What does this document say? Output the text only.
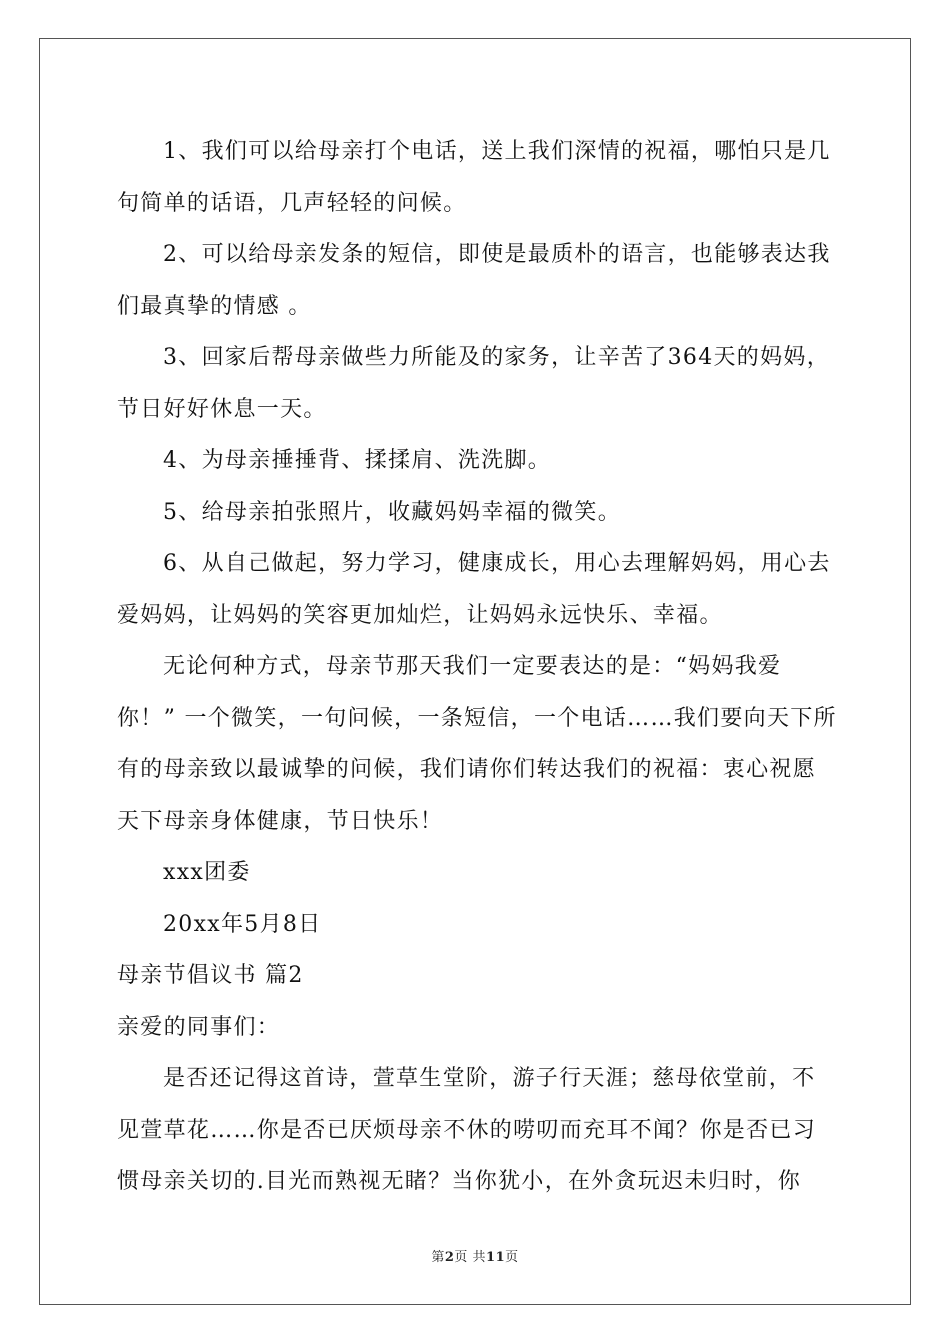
1、我们可以给母亲打个电话，送上我们深情的祝福，哪怕只是几句简单的话语，几声轻轻的问候。

2、可以给母亲发条的短信，即使是最质朴的语言，也能够表达我们最真挚的情感 。

3、回家后帮母亲做些力所能及的家务，让辛苦了364天的妈妈，节日好好休息一天。

4、为母亲捶捶背、揉揉肩、洗洗脚。

5、给母亲拍张照片，收藏妈妈幸福的微笑。

6、从自己做起，努力学习，健康成长，用心去理解妈妈，用心去爱妈妈，让妈妈的笑容更加灿烂，让妈妈永远快乐、幸福。

无论何种方式，母亲节那天我们一定要表达的是：“妈妈我爱你！” 一个微笑，一句问候，一条短信，一个电话……我们要向天下所有的母亲致以最诚挚的问候，我们请你们转达我们的祝福：衷心祝愿天下母亲身体健康，节日快乐！

xxx团委

20xx年5月8日

母亲节倡议书 篇2

亲爱的同事们：

是否还记得这首诗，萱草生堂阶，游子行天涯；慈母依堂前，不见萱草花……你是否已厌烦母亲不休的唠叨而充耳不闻？你是否已习惯母亲关切的.目光而熟视无睹？当你犹小，在外贪玩迟未归时，你

第2页 共11页
